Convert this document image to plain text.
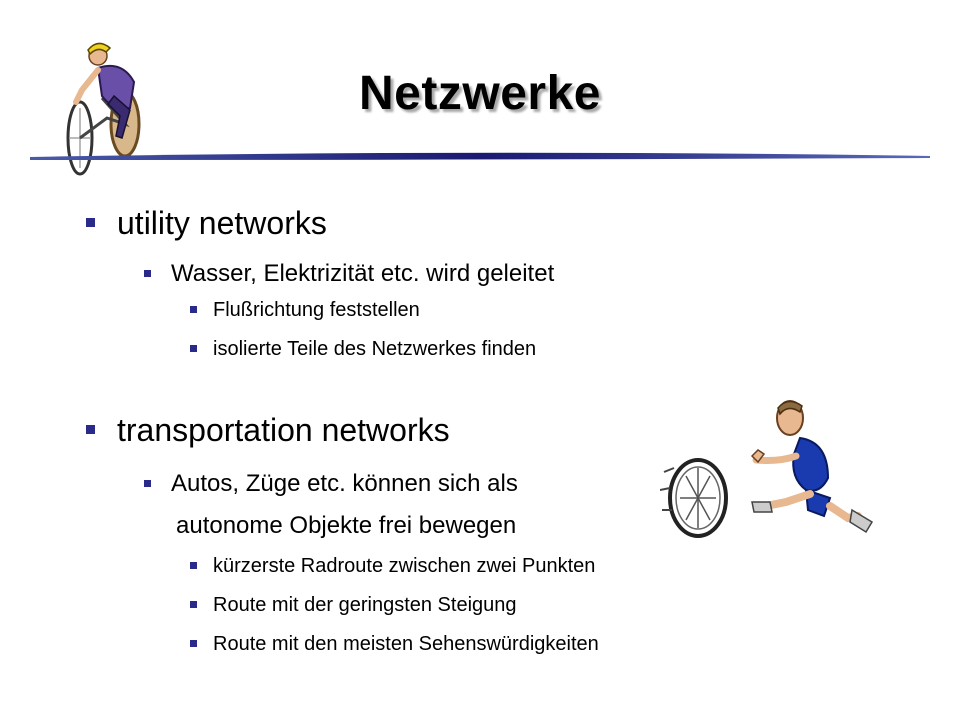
Netzwerke
utility networks
Wasser, Elektrizität etc. wird geleitet
Flußrichtung feststellen
isolierte Teile des Netzwerkes finden
transportation networks
Autos, Züge etc. können sich als
autonome Objekte frei bewegen
kürzerste Radroute zwischen zwei Punkten
Route mit der geringsten Steigung
Route mit den meisten Sehenswürdigkeiten
